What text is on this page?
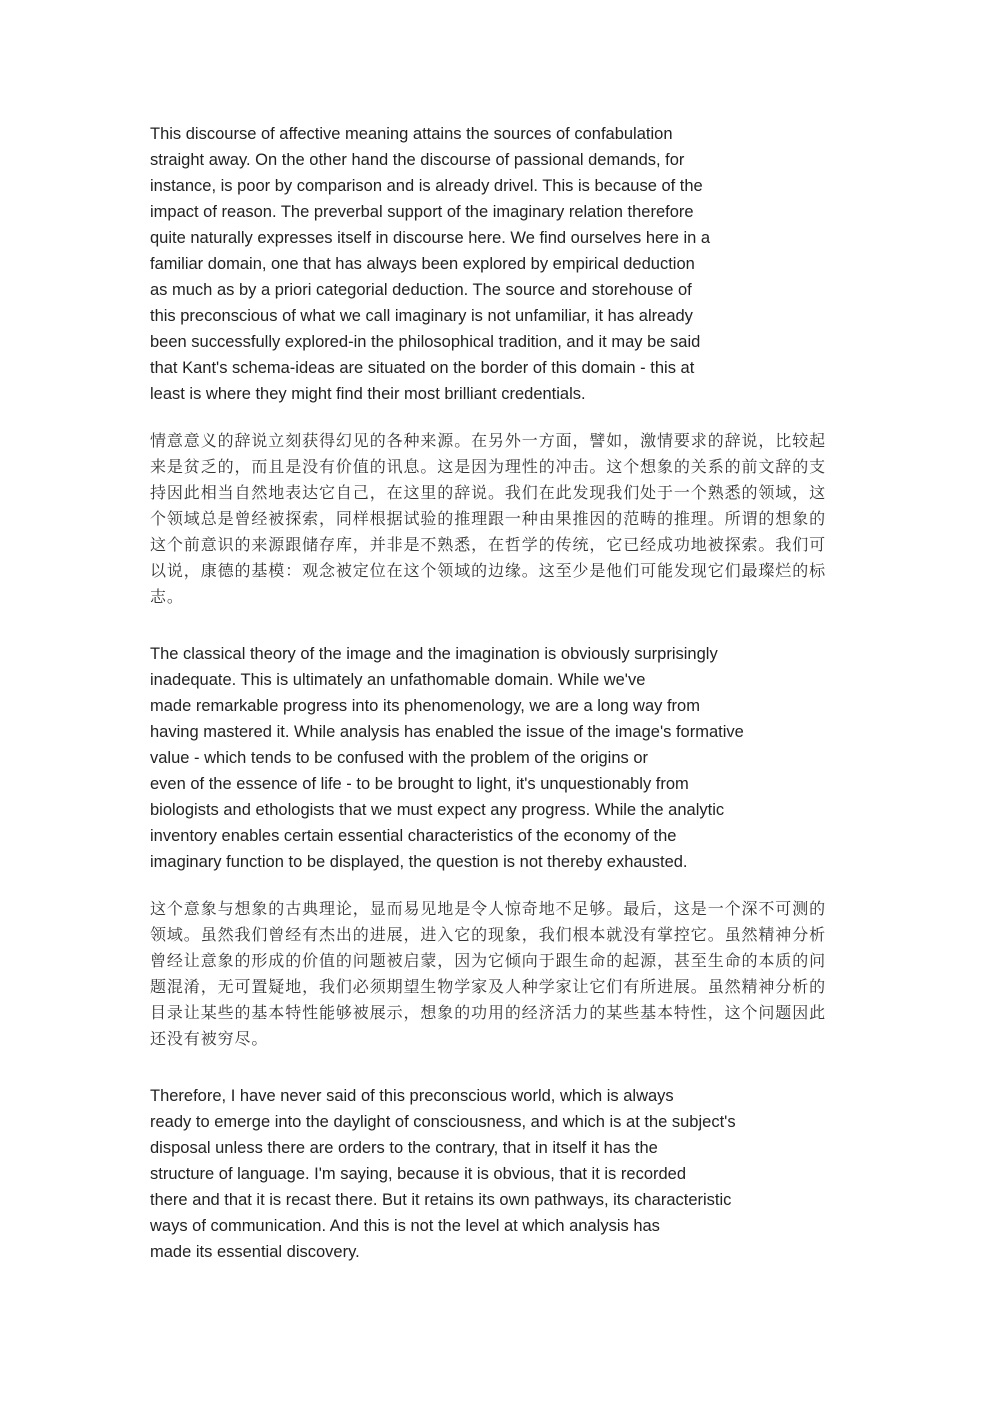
This discourse of affective meaning attains the sources of confabulation
straight away. On the other hand the discourse of passional demands, for
instance, is poor by comparison and is already drivel. This is because of the
impact of reason. The preverbal support of the imaginary relation therefore
quite naturally expresses itself in discourse here. We find ourselves here in a
familiar domain, one that has always been explored by empirical deduction
as much as by a priori categorial deduction. The source and storehouse of
this preconscious of what we call imaginary is not unfamiliar, it has already
been successfully explored-in the philosophical tradition, and it may be said
that Kant's schema-ideas are situated on the border of this domain - this at
least is where they might find their most brilliant credentials.
情意意义的辞说立刻获得幻见的各种来源。在另外一方面，譬如，激情要求的辞说，比较起
来是贫乏的，而且是没有价值的讯息。这是因为理性的冲击。这个想象的关系的前文辞的支
持因此相当自然地表达它自己，在这里的辞说。我们在此发现我们处于一个熟悉的领域，这
个领域总是曾经被探索，同样根据试验的推理跟一种由果推因的范畴的推理。所谓的想象的
这个前意识的来源跟储存库，并非是不熟悉，在哲学的传统，它已经成功地被探索。我们可
以说，康德的基模：观念被定位在这个领域的边缘。这至少是他们可能发现它们最璨烂的标
志。
The classical theory of the image and the imagination is obviously surprisingly
inadequate. This is ultimately an unfathomable domain. While we've
made remarkable progress into its phenomenology, we are a long way from
having mastered it. While analysis has enabled the issue of the image's formative
value - which tends to be confused with the problem of the origins or
even of the essence of life - to be brought to light, it's unquestionably from
biologists and ethologists that we must expect any progress. While the analytic
inventory enables certain essential characteristics of the economy of the
imaginary function to be displayed, the question is not thereby exhausted.
这个意象与想象的古典理论，显而易见地是令人惊奇地不足够。最后，这是一个深不可测的
领域。虽然我们曾经有杰出的进展，进入它的现象，我们根本就没有掌控它。虽然精神分析
曾经让意象的形成的价值的问题被启蒙，因为它倾向于跟生命的起源，甚至生命的本质的问
题混淆，无可置疑地，我们必须期望生物学家及人种学家让它们有所进展。虽然精神分析的
目录让某些的基本特性能够被展示，想象的功用的经济活力的某些基本特性，这个问题因此
还没有被穷尽。
Therefore, I have never said of this preconscious world, which is always
ready to emerge into the daylight of consciousness, and which is at the subject's
disposal unless there are orders to the contrary, that in itself it has the
structure of language. I'm saying, because it is obvious, that it is recorded
there and that it is recast there. But it retains its own pathways, its characteristic
ways of communication. And this is not the level at which analysis has
made its essential discovery.
